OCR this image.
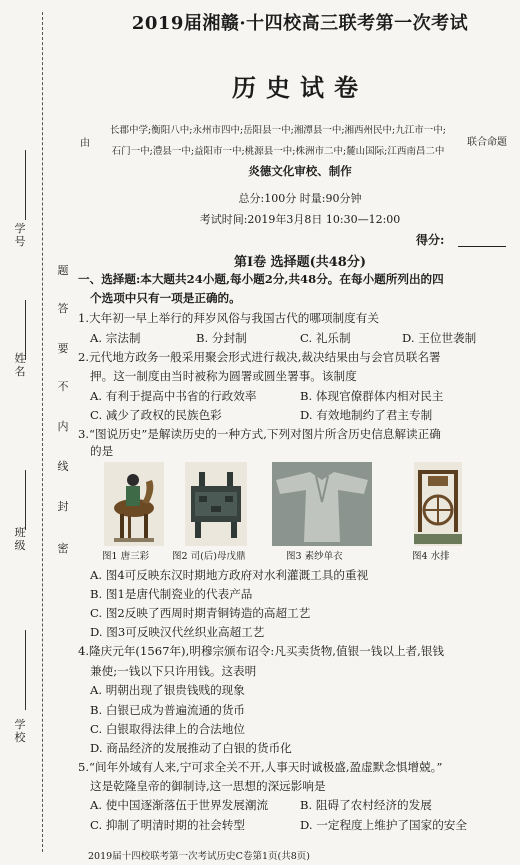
学号
姓名
班级
学校
题
答
要
不
内
线
封
密
2019届湘赣·十四校高三联考第一次考试
历史试卷
由
长郡中学;衡阳八中;永州市四中;岳阳县一中;湘潭县一中;湘西州民中;九江市一中;
石门一中;澧县一中;益阳市一中;桃源县一中;株洲市二中;麓山国际;江西南昌二中
联合命题
炎德文化审校、制作
总分:100分 时量:90分钟
考试时间:2019年3月8日 10:30—12:00
得分:
第Ⅰ卷 选择题(共48分)
一、选择题:本大题共24小题,每小题2分,共48分。在每小题所列出的四
个选项中只有一项是正确的。
1.大年初一早上举行的拜岁风俗与我国古代的哪项制度有关
A. 宗法制	B. 分封制	C. 礼乐制	D. 王位世袭制
2.元代地方政务一般采用聚会形式进行裁决,裁决结果由与会官员联名署
押。这一制度由当时被称为圆署或圆坐署事。该制度
A. 有利于提高中书省的行政效率	B. 体现官僚群体内相对民主
C. 减少了政权的民族色彩	D. 有效地制约了君主专制
3.“图说历史”是解读历史的一种方式,下列对图片所含历史信息解读正确
的是
图1 唐三彩 图2 司(后)母戊鼎	图3 素纱单衣	图4 水排
A. 图4可反映东汉时期地方政府对水利灌溉工具的重视
B. 图1是唐代制瓷业的代表产品
C. 图2反映了西周时期青铜铸造的高超工艺
D. 图3可反映汉代丝织业高超工艺
4.隆庆元年(1567年),明穆宗颁布诏令:凡买卖货物,值银一钱以上者,银钱
兼使;一钱以下只许用钱。这表明
A. 明朝出现了银贵钱贱的现象
B. 白银已成为普遍流通的货币
C. 白银取得法律上的合法地位
D. 商品经济的发展推动了白银的货币化
5.“间年外域有人来,宁可求全关不开,人事天时诚极盛,盈虚默念惧增兢。”
这是乾隆皇帝的御制诗,这一思想的深远影响是
A. 使中国逐渐落伍于世界发展潮流	B. 阻碍了农村经济的发展
C. 抑制了明清时期的社会转型	D. 一定程度上维护了国家的安全
2019届十四校联考第一次考试历史C卷第1页(共8页)
